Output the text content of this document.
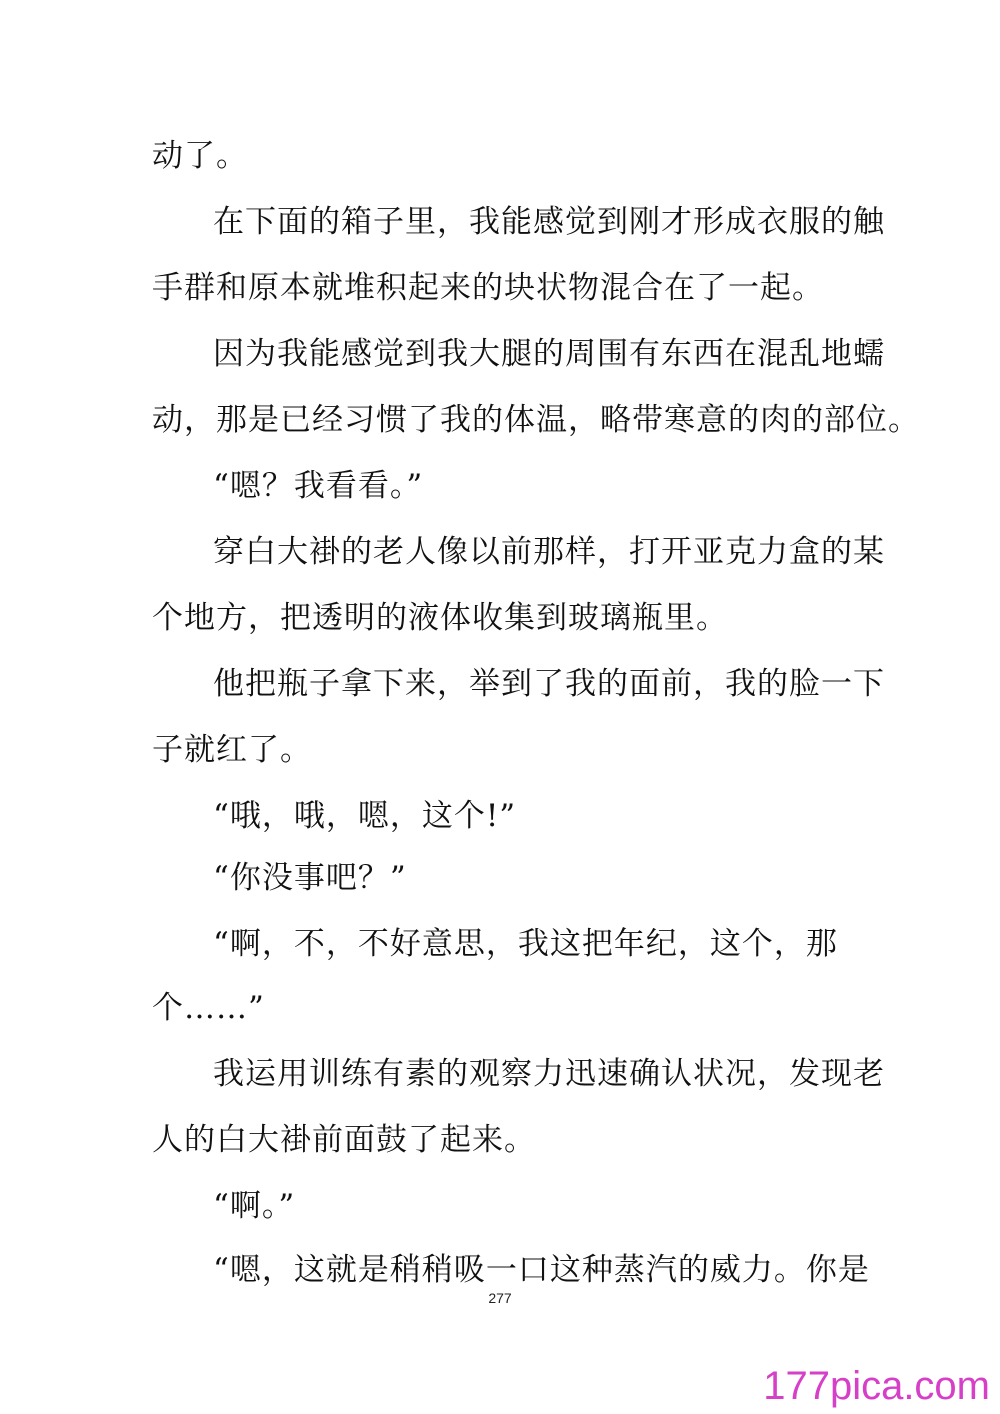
动了。
在下面的箱子里，我能感觉到刚才形成衣服的触
手群和原本就堆积起来的块状物混合在了一起。
因为我能感觉到我大腿的周围有东西在混乱地蠕
动，那是已经习惯了我的体温，略带寒意的肉的部位。
“嗯？我看看。”
穿白大褂的老人像以前那样，打开亚克力盒的某
个地方，把透明的液体收集到玻璃瓶里。
他把瓶子拿下来，举到了我的面前，我的脸一下
子就红了。
“哦，哦，嗯，这个!”
“你没事吧？”
“啊，不，不好意思，我这把年纪，这个，那
个……”
我运用训练有素的观察力迅速确认状况，发现老
人的白大褂前面鼓了起来。
“啊。”
“嗯，这就是稍稍吸一口这种蒸汽的威力。你是
277
177pica.com
